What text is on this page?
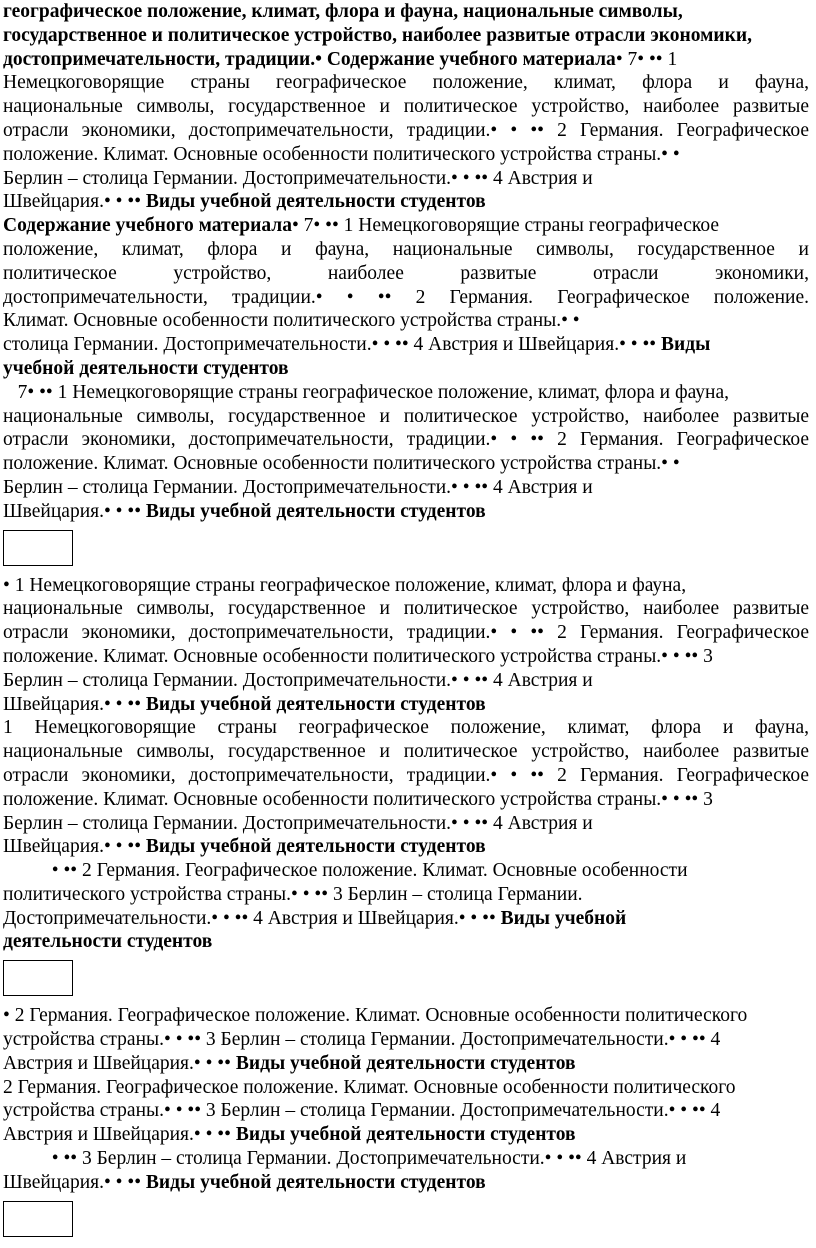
географическое положение, климат, флора и фауна, национальные символы,
государственное и политическое устройство, наиболее развитые отрасли экономики,
достопримечательности, традиции.• Содержание учебного материала• 7• •• 1
Немецкоговорящие страны географическое положение, климат, флора и фауна,
национальные символы, государственное и политическое устройство, наиболее развитые
отрасли экономики, достопримечательности, традиции.• • •• 2 Германия. Географическое
положение. Климат. Основные особенности политического устройства страны.• •
Берлин – столица Германии. Достопримечательности.• • •• 4 Австрия и
Швейцария.• • •• Виды учебной деятельности студентов
Содержание учебного материала• 7• •• 1 Немецкоговорящие страны географическое
положение, климат, флора и фауна, национальные символы, государственное и
политическое устройство, наиболее развитые отрасли экономики,
достопримечательности, традиции.• • •• 2 Германия. Географическое положение.
Климат. Основные особенности политического устройства страны.• •
столица Германии. Достопримечательности.• • •• 4 Австрия и Швейцария.• • •• Виды
учебной деятельности студентов
7• •• 1 Немецкоговорящие страны географическое положение, климат, флора и фауна,
национальные символы, государственное и политическое устройство, наиболее развитые
отрасли экономики, достопримечательности, традиции.• • •• 2 Германия. Географическое
положение. Климат. Основные особенности политического устройства страны.• •
Берлин – столица Германии. Достопримечательности.• • •• 4 Австрия и
Швейцария.• • •• Виды учебной деятельности студентов
• 1 Немецкоговорящие страны географическое положение, климат, флора и фауна,
национальные символы, государственное и политическое устройство, наиболее развитые
отрасли экономики, достопримечательности, традиции.• • •• 2 Германия. Географическое
положение. Климат. Основные особенности политического устройства страны.• • •• 3
Берлин – столица Германии. Достопримечательности.• • •• 4 Австрия и
Швейцария.• • •• Виды учебной деятельности студентов
1 Немецкоговорящие страны географическое положение, климат, флора и фауна,
национальные символы, государственное и политическое устройство, наиболее развитые
отрасли экономики, достопримечательности, традиции.• • •• 2 Германия. Географическое
положение. Климат. Основные особенности политического устройства страны.• • •• 3
Берлин – столица Германии. Достопримечательности.• • •• 4 Австрия и
Швейцария.• • •• Виды учебной деятельности студентов
• •• 2 Германия. Географическое положение. Климат. Основные особенности
политического устройства страны.• • •• 3 Берлин – столица Германии.
Достопримечательности.• • •• 4 Австрия и Швейцария.• • •• Виды учебной
деятельности студентов
• 2 Германия. Географическое положение. Климат. Основные особенности политического
устройства страны.• • •• 3 Берлин – столица Германии. Достопримечательности.• • •• 4
Австрия и Швейцария.• • •• Виды учебной деятельности студентов
2 Германия. Географическое положение. Климат. Основные особенности политического
устройства страны.• • •• 3 Берлин – столица Германии. Достопримечательности.• • •• 4
Австрия и Швейцария.• • •• Виды учебной деятельности студентов
• •• 3 Берлин – столица Германии. Достопримечательности.• • •• 4 Австрия и
Швейцария.• • •• Виды учебной деятельности студентов
